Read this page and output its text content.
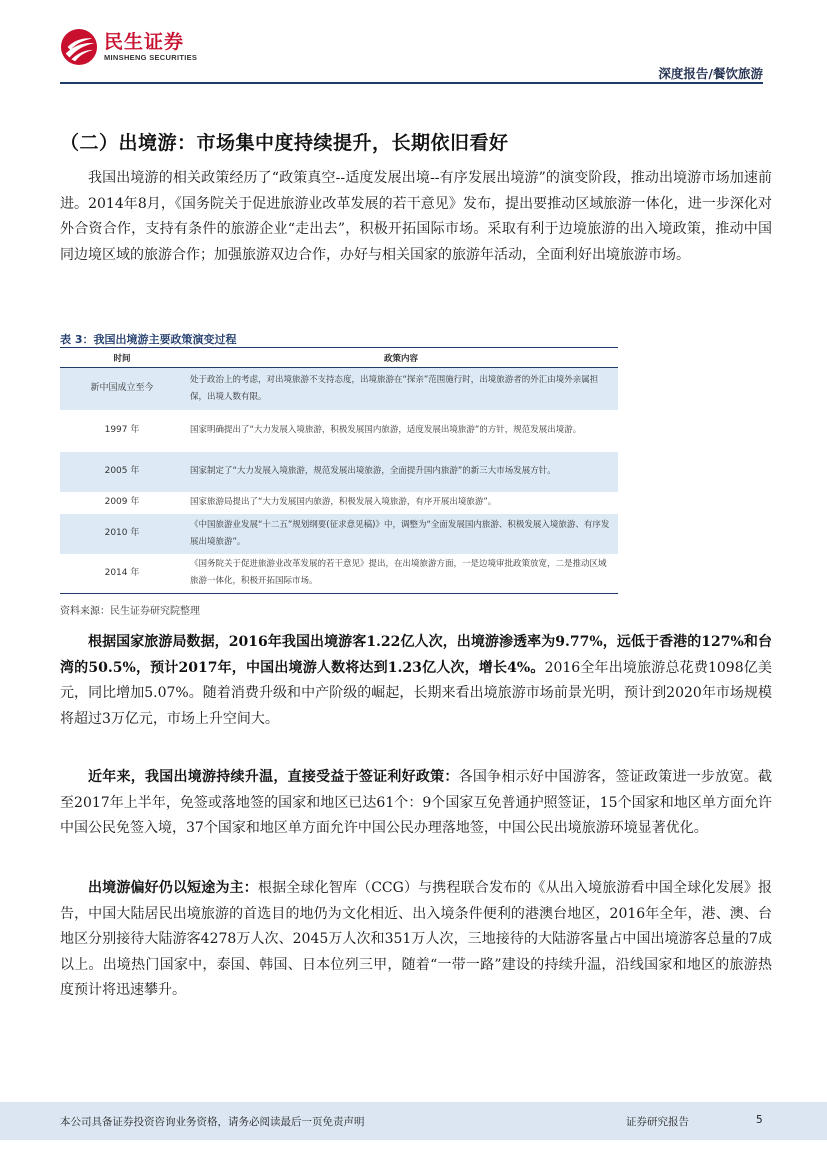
民生证券
MINSHENG SECURITIES
深度报告/餐饮旅游
（二）出境游：市场集中度持续提升，长期依旧看好

我国出境游的相关政策经历了“政策真空--适度发展出境--有序发展出境游”的演变阶段，推动出境游市场加速前进。2014年8月，《国务院关于促进旅游业改革发展的若干意见》发布，提出要推动区域旅游一体化，进一步深化对外合资合作，支持有条件的旅游企业“走出去”，积极开拓国际市场。采取有利于边境旅游的出入境政策，推动中国同边境区域的旅游合作；加强旅游双边合作，办好与相关国家的旅游年活动，全面利好出境旅游市场。

表 3：我国出境游主要政策演变过程
时间	政策内容
新中国成立至今	处于政治上的考虑，对出境旅游不支持态度，出境旅游在“探亲”范围施行时，出境旅游者的外汇由境外亲属担保，出境人数有限。
1997 年	国家明确提出了“大力发展入境旅游，积极发展国内旅游，适度发展出境旅游”的方针，规范发展出境游。
2005 年	国家制定了“大力发展入境旅游，规范发展出境旅游，全面提升国内旅游”的新三大市场发展方针。
2009 年	国家旅游局提出了“大力发展国内旅游，积极发展入境旅游，有序开展出境旅游”。
2010 年	《中国旅游业发展“十二五”规划纲要(征求意见稿)》中，调整为“全面发展国内旅游、积极发展入境旅游、有序发展出境旅游”。
2014 年	《国务院关于促进旅游业改革发展的若干意见》提出，在出境旅游方面，一是边境审批政策放宽，二是推动区域旅游一体化，积极开拓国际市场。
资料来源：民生证券研究院整理

根据国家旅游局数据，2016年我国出境游客1.22亿人次，出境游渗透率为9.77%，远低于香港的127%和台湾的50.5%，预计2017年，中国出境游人数将达到1.23亿人次，增长4%。2016全年出境旅游总花费1098亿美元，同比增加5.07%。随着消费升级和中产阶级的崛起，长期来看出境旅游市场前景光明，预计到2020年市场规模将超过3万亿元，市场上升空间大。

近年来，我国出境游持续升温，直接受益于签证利好政策：各国争相示好中国游客，签证政策进一步放宽。截至2017年上半年，免签或落地签的国家和地区已达61个：9个国家互免普通护照签证，15个国家和地区单方面允许中国公民免签入境，37个国家和地区单方面允许中国公民办理落地签，中国公民出境旅游环境显著优化。

出境游偏好仍以短途为主：根据全球化智库（CCG）与携程联合发布的《从出入境旅游看中国全球化发展》报告，中国大陆居民出境旅游的首选目的地仍为文化相近、出入境条件便利的港澳台地区，2016年全年，港、澳、台地区分别接待大陆游客4278万人次、2045万人次和351万人次，三地接待的大陆游客量占中国出境游客总量的7成以上。出境热门国家中，泰国、韩国、日本位列三甲，随着“一带一路”建设的持续升温，沿线国家和地区的旅游热度预计将迅速攀升。

本公司具备证券投资咨询业务资格，请务必阅读最后一页免责声明	证券研究报告	5
